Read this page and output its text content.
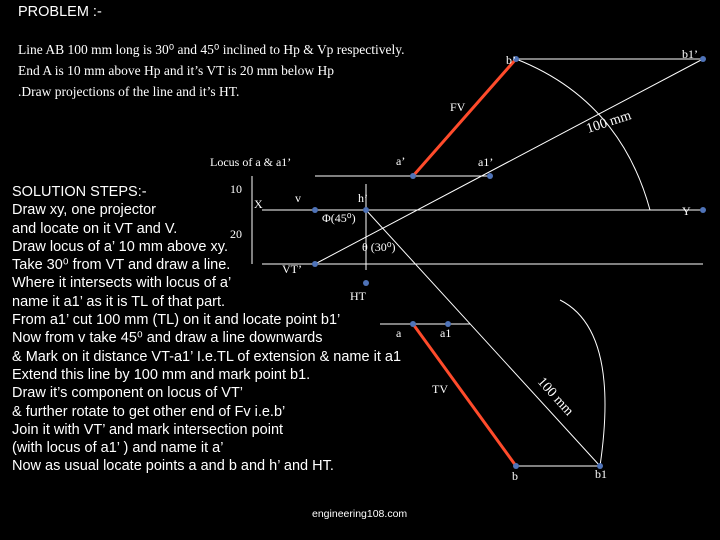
100 mm
100 mm
PROBLEM :-
Line AB 100 mm long is 30⁰ and 45⁰ inclined to Hp & Vp respectively.
End A is 10 mm above Hp and it’s VT is 20 mm below Hp
.Draw projections of the line and it’s HT.
b’	b1’
FV
Locus of a & a1’	a’	a1’
10
X	v	h’
Φ(45⁰)	Y
20
θ (30⁰)
VT’
HT
a	a1
TV
b	b1
SOLUTION STEPS:-
Draw xy, one projector
and locate on it VT and V.
Draw locus of a’ 10 mm above xy.
Take 30⁰ from VT and draw a line.
Where it intersects with locus of a’
name it a1’ as it is TL of that part.
From a1’ cut 100 mm (TL) on it and locate point b1’
Now from v take 45⁰ and draw a line downwards
& Mark on it distance VT-a1’ I.e.TL of extension & name it a1
Extend this line by 100 mm and mark point b1.
Draw it’s component on locus of VT’
& further rotate to get other end of Fv i.e.b’
Join it with VT’ and mark intersection point
(with locus of a1’ ) and name it a’
Now as usual locate points a and b and h’ and HT.
engineering108.com
